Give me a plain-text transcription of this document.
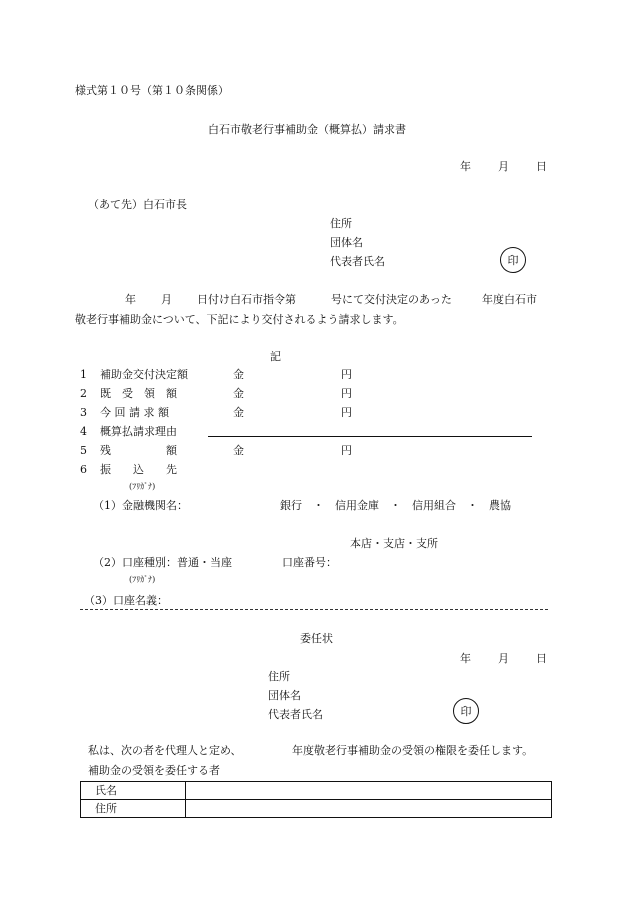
様式第１０号（第１０条関係）
白石市敬老行事補助金（概算払）請求書
年 月 日
（あて先）白石市長
住所
団体名
代表者氏名	印
年 月 日付け白石市指令第	号にて交付決定のあった	年度白石市
敬老行事補助金について、下記により交付されるよう請求します。
記
1 補助金交付決定額	金	円
2 既　受　領　額	金	円
3 今 回 請 求 額	金	円
4 概算払請求理由
5 残　　　　　額	金	円
6 振　　込　　先
(ﾌﾘｶﾞﾅ)
（1）金融機関名：	銀行　・　信用金庫　・　信用組合　・　農協
本店・支店・支所
（2）口座種別：普通・当座	口座番号：
(ﾌﾘｶﾞﾅ)
（3）口座名義：
委任状
年 月 日
住所
団体名
代表者氏名	印
私は、次の者を代理人と定め、	年度敬老行事補助金の受領の権限を委任します。
補助金の受領を委任する者
氏名	
住所	
